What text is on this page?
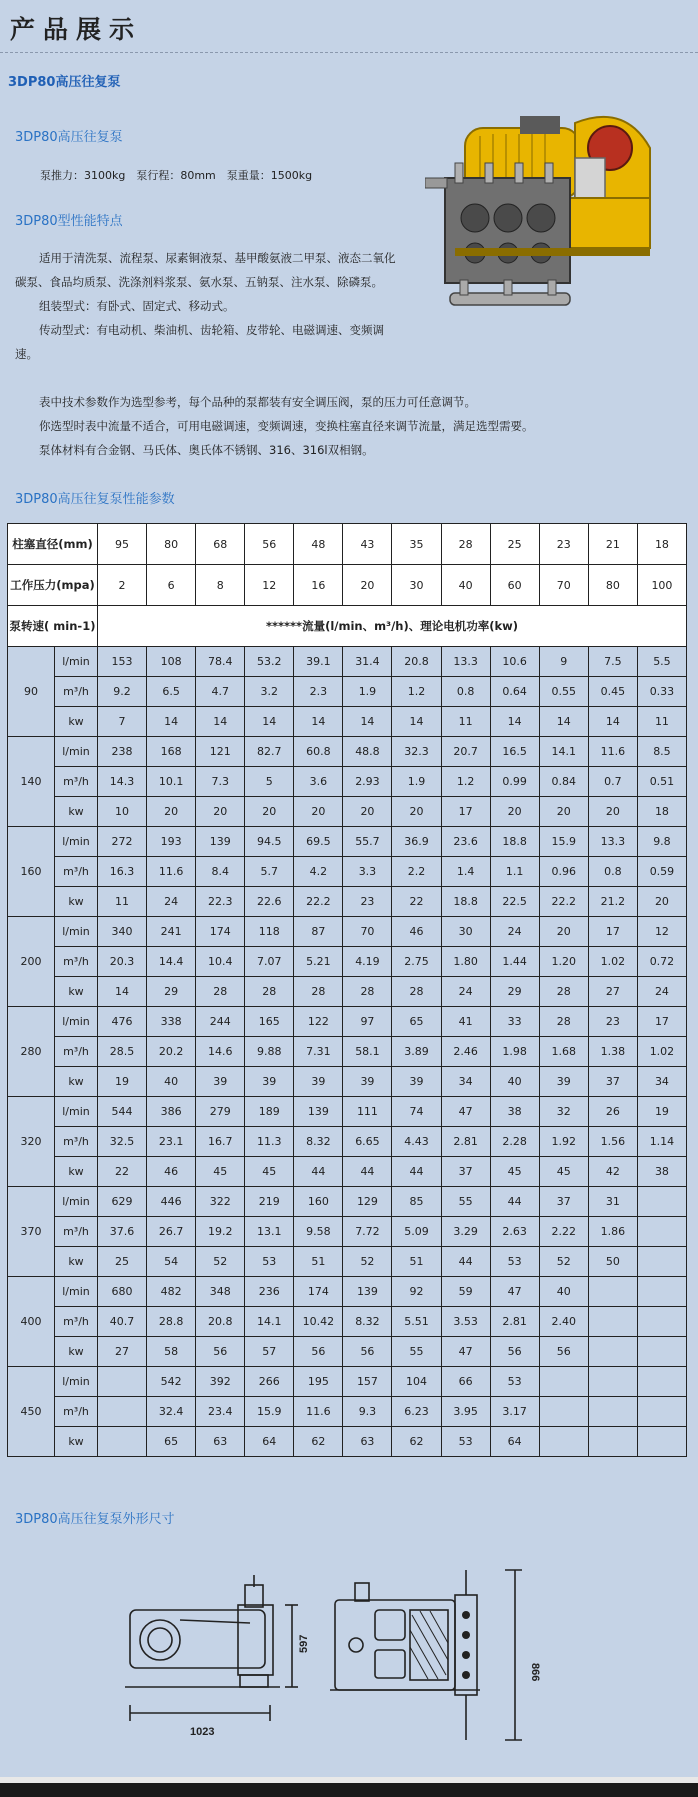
产品展示
3DP80高压往复泵
3DP80高压往复泵
泵推力：3100kg　泵行程：80mm　泵重量：1500kg
3DP80型性能特点

适用于清洗泵、流程泵、尿素铜液泵、基甲酸氨液二甲泵、液态二氧化碳泵、食品均质泵、洗涤剂料浆泵、氨水泵、五钠泵、注水泵、除磷泵。

组装型式：有卧式、固定式、移动式。

传动型式：有电动机、柴油机、齿轮箱、皮带轮、电磁调速、变频调速。

表中技术参数作为选型参考，每个品种的泵都装有安全调压阀，泵的压力可任意调节。

你选型时表中流量不适合，可用电磁调速，变频调速，变换柱塞直径来调节流量，满足选型需要。

泵体材料有合金钢、马氏体、奥氏体不锈钢、316、316l双相钢。

3DP80高压往复泵性能参数
柱塞直径(mm)		95	80	68	56	48	43	35	28	25	23	21	18
工作压力(mpa)		2	6	8	12	16	20	30	40	60	70	80	100
泵转速( min-1)		******流量(l/min、m³/h)、理论电机功率(kw)											
90	l/min	153	108	78.4	53.2	39.1	31.4	20.8	13.3	10.6	9	7.5	5.5
	m³/h	9.2	6.5	4.7	3.2	2.3	1.9	1.2	0.8	0.64	0.55	0.45	0.33
	kw	7	14	14	14	14	14	14	11	14	14	14	11
140	l/min	238	168	121	82.7	60.8	48.8	32.3	20.7	16.5	14.1	11.6	8.5
	m³/h	14.3	10.1	7.3	5	3.6	2.93	1.9	1.2	0.99	0.84	0.7	0.51
	kw	10	20	20	20	20	20	20	17	20	20	20	18
160	l/min	272	193	139	94.5	69.5	55.7	36.9	23.6	18.8	15.9	13.3	9.8
	m³/h	16.3	11.6	8.4	5.7	4.2	3.3	2.2	1.4	1.1	0.96	0.8	0.59
	kw	11	24	22.3	22.6	22.2	23	22	18.8	22.5	22.2	21.2	20
200	l/min	340	241	174	118	87	70	46	30	24	20	17	12
	m³/h	20.3	14.4	10.4	7.07	5.21	4.19	2.75	1.80	1.44	1.20	1.02	0.72
	kw	14	29	28	28	28	28	28	24	29	28	27	24
280	l/min	476	338	244	165	122	97	65	41	33	28	23	17
	m³/h	28.5	20.2	14.6	9.88	7.31	58.1	3.89	2.46	1.98	1.68	1.38	1.02
	kw	19	40	39	39	39	39	39	34	40	39	37	34
320	l/min	544	386	279	189	139	111	74	47	38	32	26	19
	m³/h	32.5	23.1	16.7	11.3	8.32	6.65	4.43	2.81	2.28	1.92	1.56	1.14
	kw	22	46	45	45	44	44	44	37	45	45	42	38
370	l/min	629	446	322	219	160	129	85	55	44	37	31	
	m³/h	37.6	26.7	19.2	13.1	9.58	7.72	5.09	3.29	2.63	2.22	1.86	
	kw	25	54	52	53	51	52	51	44	53	52	50	
400	l/min	680	482	348	236	174	139	92	59	47	40		
	m³/h	40.7	28.8	20.8	14.1	10.42	8.32	5.51	3.53	2.81	2.40		
	kw	27	58	56	57	56	56	55	47	56	56		
450	l/min		542	392	266	195	157	104	66	53			
	m³/h		32.4	23.4	15.9	11.6	9.3	6.23	3.95	3.17			
	kw		65	63	64	62	63	62	53	64			
3DP80高压往复泵外形尺寸
1023
597
866
